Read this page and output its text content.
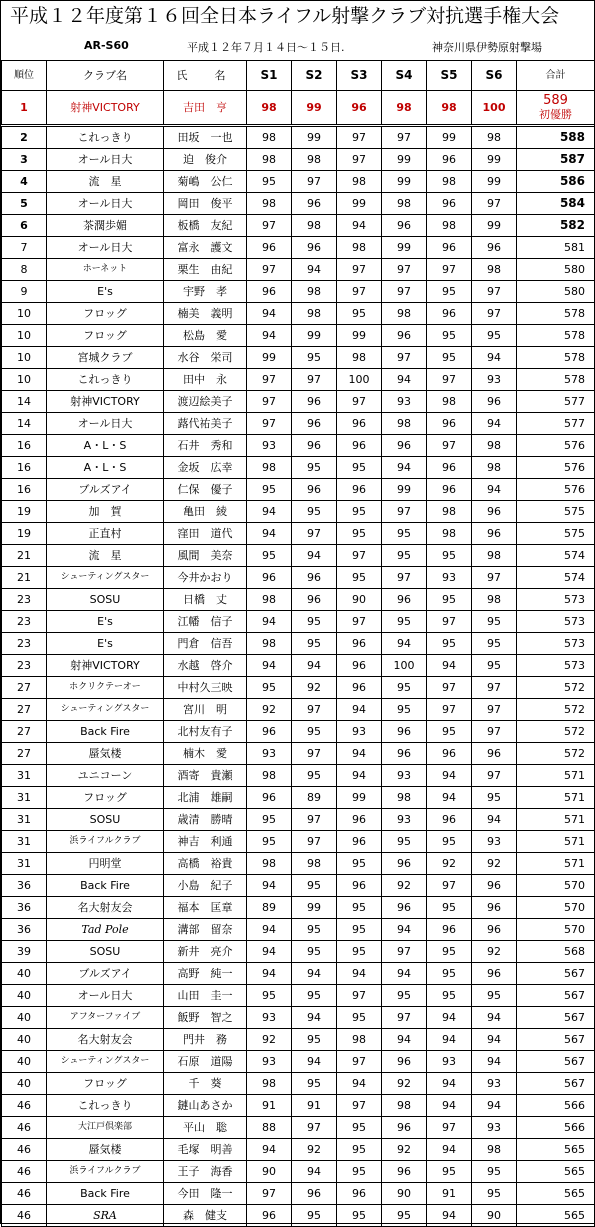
平成１２年度第１６回全日本ライフル射撃クラブ対抗選手権大会
AR-S60	平成１２年７月１４日～１５日.	神奈川県伊勢原射撃場
順位	クラブ名	氏　名	S1	S2	S3	S4	S5	S6	合計
1	射神VICTORY	吉田　亨	98	99	96	98	98	100	589
初優勝

2	これっきり	田坂　一也	98	99	97	97	99	98	588
3	オール日大	迫　俊介	98	98	97	99	96	99	587
4	流　星	菊嶋　公仁	95	97	98	99	98	99	586
5	オール日大	岡田　俊平	98	96	99	98	96	97	584
6	茶濶歩媚	板橋　友紀	97	98	94	96	98	99	582
7	オール日大	富永　護文	96	96	98	99	96	96	581
8	ホーネット	栗生　由紀	97	94	97	97	97	98	580
9	E's	宇野　孝	96	98	97	97	95	97	580
10	フロッグ	楠美　義明	94	98	95	98	96	97	578
10	フロッグ	松島　愛	94	99	99	96	95	95	578
10	宮城クラブ	水谷　栄司	99	95	98	97	95	94	578
10	これっきり	田中　永	97	97	100	94	97	93	578
14	射神VICTORY	渡辺絵美子	97	96	97	93	98	96	577
14	オール日大	蕗代祐美子	97	96	96	98	96	94	577
16	A・L・S	石井　秀和	93	96	96	96	97	98	576
16	A・L・S	金坂　広幸	98	95	95	94	96	98	576
16	ブルズアイ	仁保　優子	95	96	96	99	96	94	576
19	加　賀	亀田　綾	94	95	95	97	98	96	575
19	正直村	窪田　道代	94	97	95	95	98	96	575
21	流　星	風間　美奈	95	94	97	95	95	98	574
21	シューティングスター	今井かおり	96	96	95	97	93	97	574
23	SOSU	日橋　丈	98	96	90	96	95	98	573
23	E's	江幡　信子	94	95	97	95	97	95	573
23	E's	門倉　信吾	98	95	96	94	95	95	573
23	射神VICTORY	水越　啓介	94	94	96	100	94	95	573
27	ホクリクテーオー	中村久三映	95	92	96	95	97	97	572
27	シューティングスター	宮川　明	92	97	94	95	97	97	572
27	Back Fire	北村友有子	96	95	93	96	95	97	572
27	蜃気楼	楠木　愛	93	97	94	96	96	96	572
31	ユニコーン	酒寄　貴瀬	98	95	94	93	94	97	571
31	フロッグ	北浦　雄嗣	96	89	99	98	94	95	571
31	SOSU	歳清　勝晴	95	97	96	93	96	94	571
31	浜ライフルクラブ	神吉　利通	95	97	96	95	95	93	571
31	円明堂	高橋　裕貴	98	98	95	96	92	92	571
36	Back Fire	小島　紀子	94	95	96	92	97	96	570
36	名大射友会	福本　匡章	89	99	95	96	95	96	570
36	Tad Pole	溝部　留奈	94	95	95	94	96	96	570
39	SOSU	新井　亮介	94	95	95	97	95	92	568
40	ブルズアイ	高野　純一	94	94	94	94	95	96	567
40	オール日大	山田　圭一	95	95	97	95	95	95	567
40	アフターファイブ	飯野　智之	93	94	95	97	94	94	567
40	名大射友会	門井　務	92	95	98	94	94	94	567
40	シューティングスター	石原　道陽	93	94	97	96	93	94	567
40	フロッグ	千　葵	98	95	94	92	94	93	567
46	これっきり	鏈山あさか	91	91	97	98	94	94	566
46	大江戸倶楽部	平山　聡	88	97	95	96	97	93	566
46	蜃気楼	毛塚　明善	94	92	95	92	94	98	565
46	浜ライフルクラブ	王子　海香	90	94	95	96	95	95	565
46	Back Fire	今田　隆一	97	96	96	90	91	95	565
46	SRA	森　健支	96	95	95	95	94	90	565
